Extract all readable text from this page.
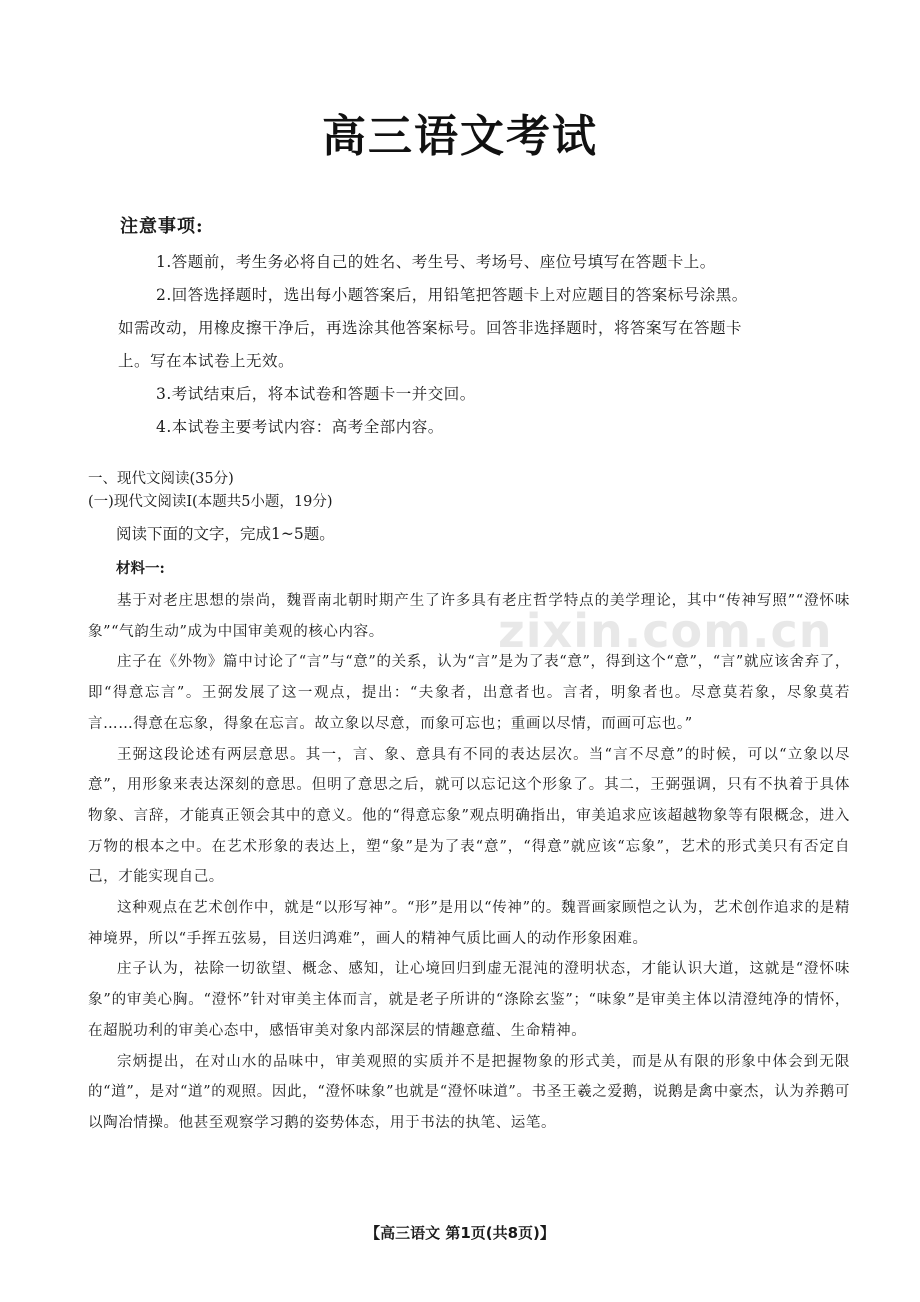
高三语文考试
注意事项:

1.答题前，考生务必将自己的姓名、考生号、考场号、座位号填写在答题卡上。

2.回答选择题时，选出每小题答案后，用铅笔把答题卡上对应题目的答案标号涂黑。

如需改动，用橡皮擦干净后，再选涂其他答案标号。回答非选择题时，将答案写在答题卡

上。写在本试卷上无效。

3.考试结束后，将本试卷和答题卡一并交回。

4.本试卷主要考试内容：高考全部内容。

一、现代文阅读(35分)

(一)现代文阅读Ⅰ(本题共5小题，19分)

阅读下面的文字，完成1~5题。

材料一:

zixin.com.cn

基于对老庄思想的崇尚，魏晋南北朝时期产生了许多具有老庄哲学特点的美学理论，其中“传神写照”“澄怀味象”“气韵生动”成为中国审美观的核心内容。

庄子在《外物》篇中讨论了“言”与“意”的关系，认为“言”是为了表“意”，得到这个“意”，“言”就应该舍弃了，即“得意忘言”。王弼发展了这一观点，提出：“夫象者，出意者也。言者，明象者也。尽意莫若象，尽象莫若言……得意在忘象，得象在忘言。故立象以尽意，而象可忘也；重画以尽情，而画可忘也。”

王弼这段论述有两层意思。其一，言、象、意具有不同的表达层次。当“言不尽意”的时候，可以“立象以尽意”，用形象来表达深刻的意思。但明了意思之后，就可以忘记这个形象了。其二，王弼强调，只有不执着于具体物象、言辞，才能真正领会其中的意义。他的“得意忘象”观点明确指出，审美追求应该超越物象等有限概念，进入万物的根本之中。在艺术形象的表达上，塑“象”是为了表“意”，“得意”就应该“忘象”，艺术的形式美只有否定自己，才能实现自己。

这种观点在艺术创作中，就是“以形写神”。“形”是用以“传神”的。魏晋画家顾恺之认为，艺术创作追求的是精神境界，所以“手挥五弦易，目送归鸿难”，画人的精神气质比画人的动作形象困难。

庄子认为，祛除一切欲望、概念、感知，让心境回归到虚无混沌的澄明状态，才能认识大道，这就是“澄怀味象”的审美心胸。“澄怀”针对审美主体而言，就是老子所讲的“涤除玄鉴”；“味象”是审美主体以清澄纯净的情怀，在超脱功利的审美心态中，感悟审美对象内部深层的情趣意蕴、生命精神。

宗炳提出，在对山水的品味中，审美观照的实质并不是把握物象的形式美，而是从有限的形象中体会到无限的“道”，是对“道”的观照。因此，“澄怀味象”也就是“澄怀味道”。书圣王羲之爱鹅，说鹅是禽中豪杰，认为养鹅可以陶冶情操。他甚至观察学习鹅的姿势体态，用于书法的执笔、运笔。

【高三语文 第1页(共8页)】
